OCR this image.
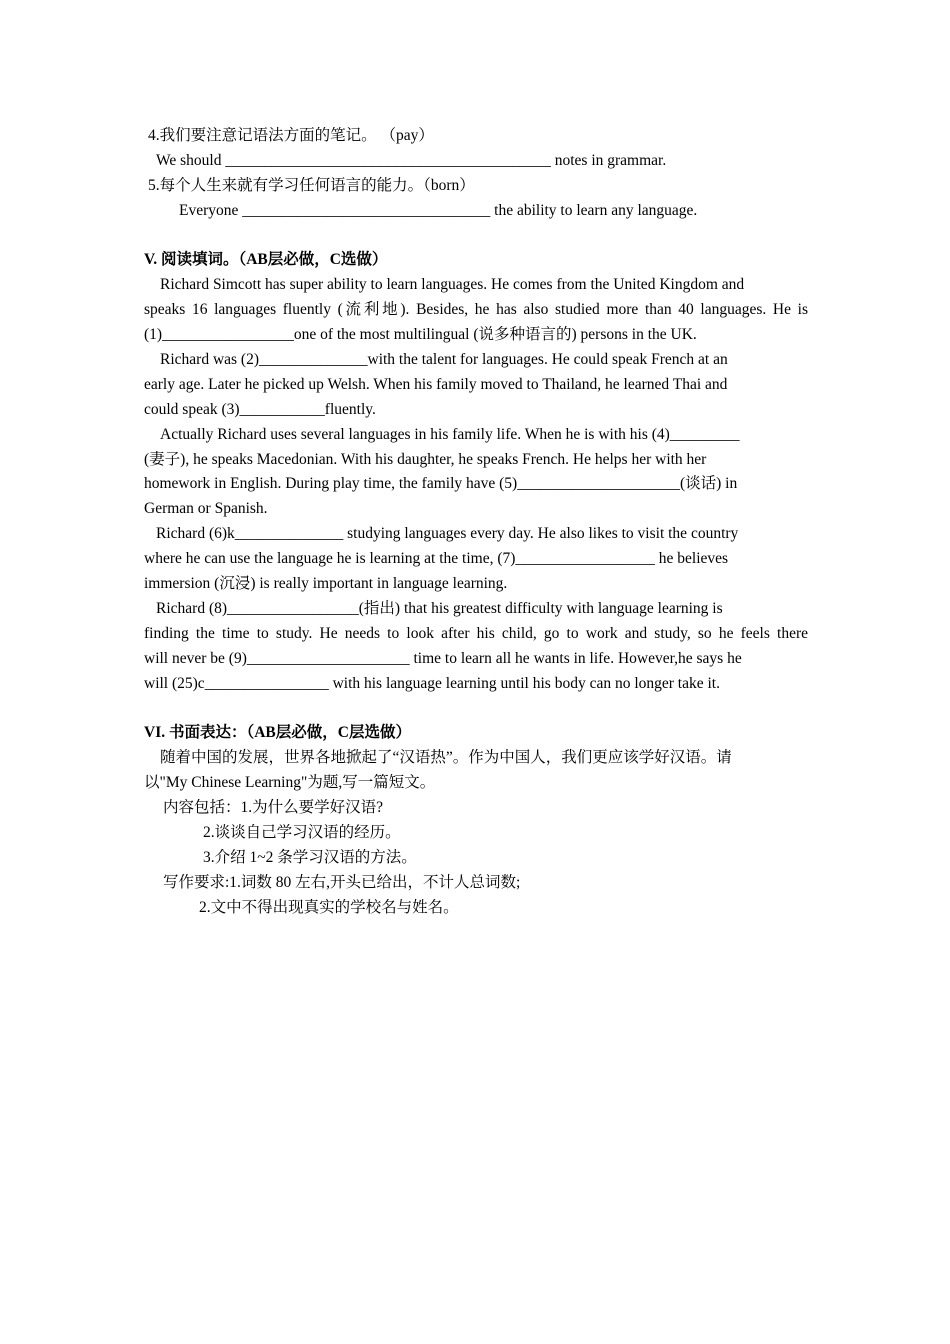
4.我们要注意记语法方面的笔记。 （pay）
We should __________________________________________ notes in grammar.
5.每个人生来就有学习任何语言的能力。（born）
Everyone ________________________________ the ability to learn any language.
V. 阅读填词。（AB层必做，C选做）
Richard Simcott has super ability to learn languages. He comes from the United Kingdom and
speaks 16 languages fluently (流利地). Besides, he has also studied more than 40 languages. He is
(1)_________________one of the most multilingual (说多种语言的) persons in the UK.
Richard was (2)______________with the talent for languages. He could speak French at an
early age. Later he picked up Welsh. When his family moved to Thailand, he learned Thai and
could speak (3)___________fluently.
Actually Richard uses several languages in his family life. When he is with his (4)_________
(妻子), he speaks Macedonian. With his daughter, he speaks French. He helps her with her
homework in English. During play time, the family have (5)_____________________(谈话) in
German or Spanish.
Richard (6)k______________ studying languages every day. He also likes to visit the country
where he can use the language he is learning at the time, (7)__________________ he believes
immersion (沉浸) is really important in language learning.
Richard (8)_________________(指出) that his greatest difficulty with language learning is
finding the time to study. He needs to look after his child, go to work and study, so he feels there
will never be (9)_____________________ time to learn all he wants in life. However,he says he
will (25)c________________ with his language learning until his body can no longer take it.
VI. 书面表达：（AB层必做，C层选做）
随着中国的发展，世界各地掀起了“汉语热”。作为中国人，我们更应该学好汉语。请
以"My Chinese Learning"为题,写一篇短文。
内容包括：1.为什么要学好汉语?
2.谈谈自己学习汉语的经历。
3.介绍 1~2 条学习汉语的方法。
写作要求:1.词数 80 左右,开头已给出，不计人总词数;
2.文中不得出现真实的学校名与姓名。
